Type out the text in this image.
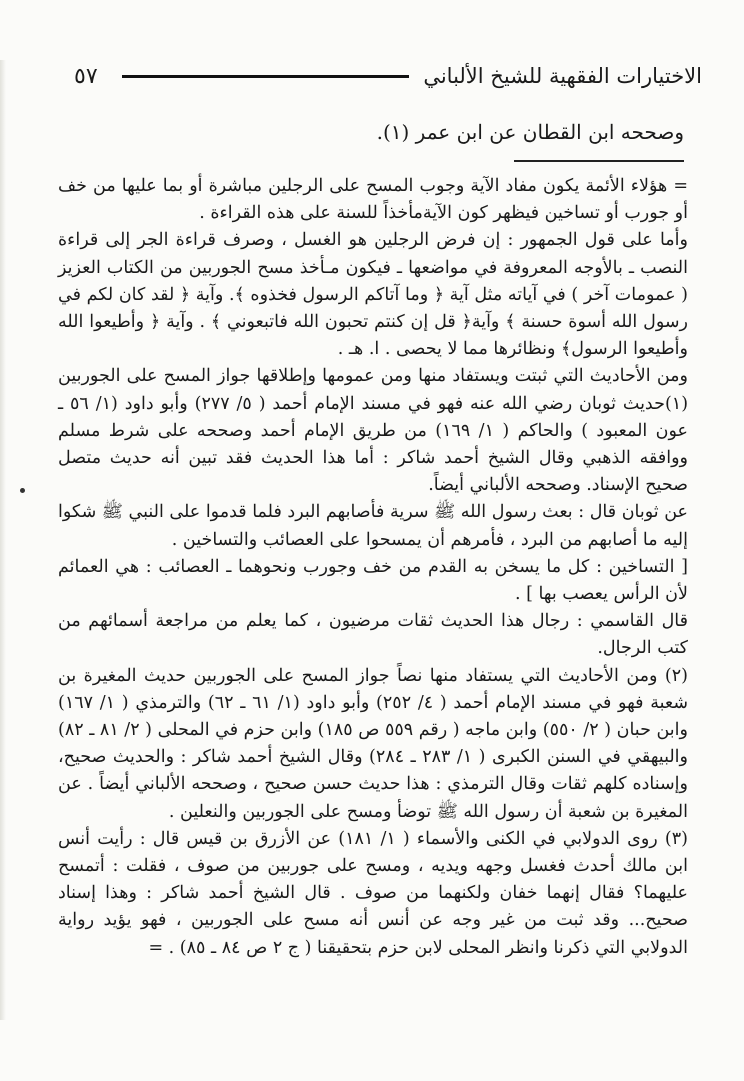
الاختيارات الفقهية للشيخ الألباني
٥٧
وصححه ابن القطان عن ابن عمر (١).

= هؤلاء الأئمة يكون مفاد الآية وجوب المسح على الرجلين مباشرة أو بما عليها من خف أو جورب أو تساخين فيظهر كون الآيةمأخذاً للسنة على هذه القراءة .

وأما على قول الجمهور : إن فرض الرجلين هو الغسل ، وصرف قراءة الجر إلى قراءة النصب ـ بالأوجه المعروفة في مواضعها ـ فيكون مـأخذ مسح الجوربين من الكتاب العزيز ( عمومات آخر ) في آياته مثل آية ﴿ وما آتاكم الرسول فخذوه ﴾. وآية ﴿ لقد كان لكم في رسول الله أسوة حسنة ﴾ وآية﴿ قل إن كنتم تحبون الله فاتبعوني ﴾ . وآية ﴿ وأطيعوا الله وأطيعوا الرسول﴾ ونظائرها مما لا يحصى . ا. هـ .

ومن الأحاديث التي ثبتت ويستفاد منها ومن عمومها وإطلاقها جواز المسح على الجوربين (١)حديث ثوبان رضي الله عنه فهو في مسند الإمام أحمد ( ٥/ ٢٧٧) وأبو داود (١/ ٥٦ ـ عون المعبود ) والحاكم ( ١/ ١٦٩) من طريق الإمام أحمد وصححه على شرط مسلم ووافقه الذهبي وقال الشيخ أحمد شاكر : أما هذا الحديث فقد تبين أنه حديث متصل صحيح الإسناد. وصححه الألباني أيضاً.

عن ثوبان قال : بعث رسول الله ﷺ سرية فأصابهم البرد فلما قدموا على النبي ﷺ شكوا إليه ما أصابهم من البرد ، فأمرهم أن يمسحوا على العصائب والتساخين .

[ التساخين : كل ما يسخن به القدم من خف وجورب ونحوهما ـ العصائب : هي العمائم لأن الرأس يعصب بها ] .

قال القاسمي : رجال هذا الحديث ثقات مرضيون ، كما يعلم من مراجعة أسمائهم من كتب الرجال.

(٢) ومن الأحاديث التي يستفاد منها نصاً جواز المسح على الجوربين حديث المغيرة بن شعبة فهو في مسند الإمام أحمد ( ٤/ ٢٥٢) وأبو داود (١/ ٦١ ـ ٦٢) والترمذي ( ١/ ١٦٧) وابن حبان ( ٢/ ٥٥٠) وابن ماجه ( رقم ٥٥٩ ص ١٨٥) وابن حزم في المحلى ( ٢/ ٨١ ـ ٨٢) والبيهقي في السنن الكبرى ( ١/ ٢٨٣ ـ ٢٨٤) وقال الشيخ أحمد شاكر : والحديث صحيح، وإسناده كلهم ثقات وقال الترمذي : هذا حديث حسن صحيح ، وصححه الألباني أيضاً . عن المغيرة بن شعبة أن رسول الله ﷺ توضأ ومسح على الجوربين والنعلين .

(٣) روى الدولابي في الكنى والأسماء ( ١/ ١٨١) عن الأزرق بن قيس قال : رأيت أنس ابن مالك أحدث فغسل وجهه ويديه ، ومسح على جوربين من صوف ، فقلت : أتمسح عليهما؟ فقال إنهما خفان ولكنهما من صوف . قال الشيخ أحمد شاكر : وهذا إسناد صحيح... وقد ثبت من غير وجه عن أنس أنه مسح على الجوربين ، فهو يؤيد رواية الدولابي التي ذكرنا وانظر المحلى لابن حزم بتحقيقنا ( ج ٢ ص ٨٤ ـ ٨٥) . =
